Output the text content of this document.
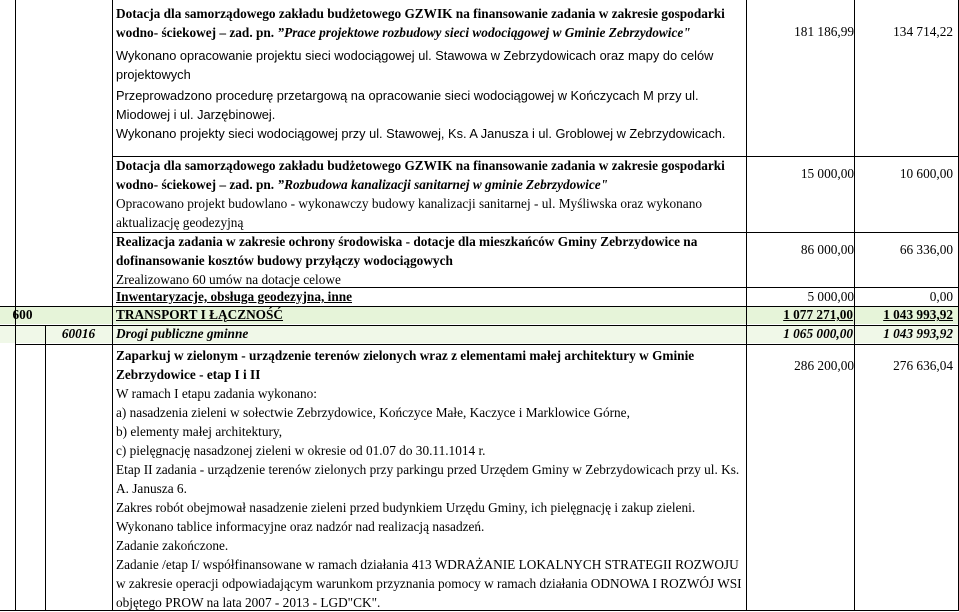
Dotacja dla samorządowego zakładu budżetowego GZWIK na finansowanie zadania w zakresie gospodarki wodno- ściekowej – zad. pn. ”Prace projektowe rozbudowy sieci wodociągowej w Gminie Zebrzydowice"
Wykonano opracowanie projektu sieci wodociągowej ul. Stawowa w Zebrzydowicach oraz mapy do celów projektowych
Przeprowadzono procedurę przetargową na opracowanie sieci wodociągowej w Kończycach M przy ul. Miodowej i ul. Jarzębinowej.
Wykonano projekty sieci wodociągowej przy ul. Stawowej, Ks. A Janusza i ul. Groblowej w Zebrzydowicach.
181 186,99	134 714,22
Dotacja dla samorządowego zakładu budżetowego GZWIK na finansowanie zadania w zakresie gospodarki wodno- ściekowej – zad. pn. ”Rozbudowa kanalizacji sanitarnej w gminie Zebrzydowice"
Opracowano projekt budowlano - wykonawczy budowy kanalizacji sanitarnej - ul. Myśliwska oraz wykonano aktualizację geodezyjną
15 000,00	10 600,00
Realizacja zadania w zakresie ochrony środowiska - dotacje dla mieszkańców Gminy Zebrzydowice na dofinansowanie kosztów budowy przyłączy wodociągowych
Zrealizowano 60 umów na dotacje celowe
86 000,00	66 336,00
Inwentaryzacje, obsługa geodezyjna, inne	5 000,00	0,00
600	TRANSPORT I ŁĄCZNOŚĆ	1 077 271,00 1 043 993,92
60016	Drogi publiczne gminne	1 065 000,00 1 043 993,92
Zaparkuj w zielonym - urządzenie terenów zielonych wraz z elementami małej architektury w Gminie Zebrzydowice - etap I i II
W ramach I etapu zadania wykonano:
a) nasadzenia zieleni w sołectwie Zebrzydowice, Kończyce Małe, Kaczyce i Marklowice Górne,
b) elementy małej architektury,
c) pielęgnację nasadzonej zieleni w okresie od 01.07 do 30.11.1014 r.
Etap II zadania - urządzenie terenów zielonych przy parkingu przed Urzędem Gminy w Zebrzydowicach przy ul. Ks. A. Janusza 6.
Zakres robót obejmował nasadzenie zieleni przed budynkiem Urzędu Gminy, ich pielęgnację i zakup zieleni.
Wykonano tablice informacyjne oraz nadzór nad realizacją nasadzeń.
Zadanie zakończone.
Zadanie /etap I/ współfinansowane w ramach działania 413 WDRAŻANIE LOKALNYCH STRATEGII ROZWOJU w zakresie operacji odpowiadającym warunkom przyznania pomocy w ramach działania ODNOWA I ROZWÓJ WSI objętego PROW na lata 2007 - 2013 - LGD"CK".
286 200,00	276 636,04
